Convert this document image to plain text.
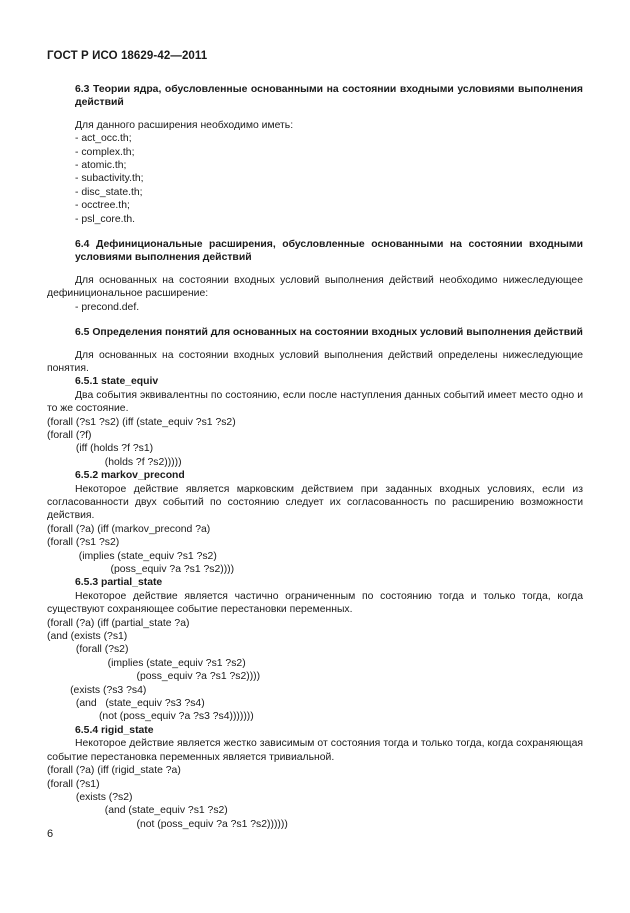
ГОСТ Р ИСО 18629-42—2011
6.3 Теории ядра, обусловленные основанными на состоянии входными условиями выполнения действий
Для данного расширения необходимо иметь:
- act_occ.th;
- complex.th;
- atomic.th;
- subactivity.th;
- disc_state.th;
- occtree.th;
- psl_core.th.
6.4 Дефинициональные расширения, обусловленные основанными на состоянии входными условиями выполнения действий
Для основанных на состоянии входных условий выполнения действий необходимо нижеследующее дефинициональное расширение:
- precond.def.
6.5 Определения понятий для основанных на состоянии входных условий выполнения действий
Для основанных на состоянии входных условий выполнения действий определены нижеследующие понятия.
6.5.1 state_equiv
Два события эквивалентны по состоянию, если после наступления данных событий имеет место одно и то же состояние.
(forall (?s1 ?s2) (iff (state_equiv ?s1 ?s2)
(forall (?f)
(iff (holds ?f ?s1)
(holds ?f ?s2)))))
6.5.2 markov_precond
Некоторое действие является марковским действием при заданных входных условиях, если из согласованности двух событий по состоянию следует их согласованность по расширению возможности действия.
(forall (?a) (iff (markov_precond ?a)
(forall (?s1 ?s2)
(implies (state_equiv ?s1 ?s2)
(poss_equiv ?a ?s1 ?s2))))
6.5.3 partial_state
Некоторое действие является частично ограниченным по состоянию тогда и только тогда, когда существуют сохраняющее событие перестановки переменных.
(forall (?a) (iff (partial_state ?a)
(and (exists (?s1)
(forall (?s2)
(implies (state_equiv ?s1 ?s2)
(poss_equiv ?a ?s1 ?s2))))
(exists (?s3 ?s4)
(and   (state_equiv ?s3 ?s4)
(not (poss_equiv ?a ?s3 ?s4)))))))
6.5.4 rigid_state
Некоторое действие является жестко зависимым от состояния тогда и только тогда, когда сохраняющая событие перестановка переменных является тривиальной.
(forall (?a) (iff (rigid_state ?a)
(forall (?s1)
(exists (?s2)
(and (state_equiv ?s1 ?s2)
(not (poss_equiv ?a ?s1 ?s2))))))
6
